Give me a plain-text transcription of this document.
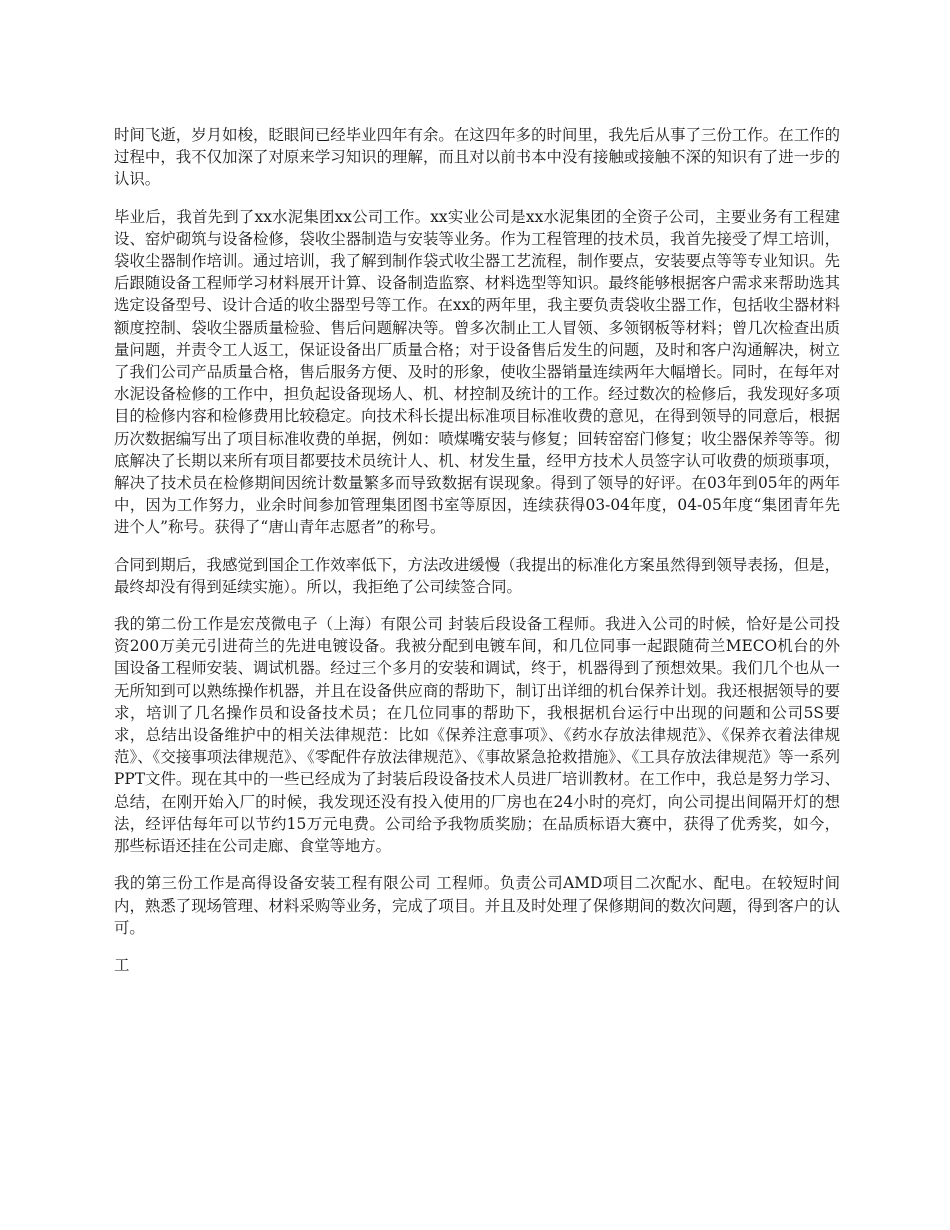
时间飞逝，岁月如梭，眨眼间已经毕业四年有余。在这四年多的时间里，我先后从事了三份工作。在工作的过程中，我不仅加深了对原来学习知识的理解，而且对以前书本中没有接触或接触不深的知识有了进一步的认识。

毕业后，我首先到了xx水泥集团xx公司工作。xx实业公司是xx水泥集团的全资子公司，主要业务有工程建设、窑炉砌筑与设备检修，袋收尘器制造与安装等业务。作为工程管理的技术员，我首先接受了焊工培训，袋收尘器制作培训。通过培训，我了解到制作袋式收尘器工艺流程，制作要点，安装要点等等专业知识。先后跟随设备工程师学习材料展开计算、设备制造监察、材料选型等知识。最终能够根据客户需求来帮助选其选定设备型号、设计合适的收尘器型号等工作。在xx的两年里，我主要负责袋收尘器工作，包括收尘器材料额度控制、袋收尘器质量检验、售后问题解决等。曾多次制止工人冒领、多领钢板等材料；曾几次检查出质量问题，并责令工人返工，保证设备出厂质量合格；对于设备售后发生的问题，及时和客户沟通解决，树立了我们公司产品质量合格，售后服务方便、及时的形象，使收尘器销量连续两年大幅增长。同时，在每年对水泥设备检修的工作中，担负起设备现场人、机、材控制及统计的工作。经过数次的检修后，我发现好多项目的检修内容和检修费用比较稳定。向技术科长提出标准项目标准收费的意见，在得到领导的同意后，根据历次数据编写出了项目标准收费的单据，例如：喷煤嘴安装与修复；回转窑窑门修复；收尘器保养等等。彻底解决了长期以来所有项目都要技术员统计人、机、材发生量，经甲方技术人员签字认可收费的烦琐事项，解决了技术员在检修期间因统计数量繁多而导致数据有误现象。得到了领导的好评。在03年到05年的两年中，因为工作努力，业余时间参加管理集团图书室等原因，连续获得03-04年度，04-05年度“集团青年先进个人”称号。获得了“唐山青年志愿者”的称号。

合同到期后，我感觉到国企工作效率低下，方法改进缓慢（我提出的标准化方案虽然得到领导表扬，但是，最终却没有得到延续实施）。所以，我拒绝了公司续签合同。

我的第二份工作是宏茂微电子（上海）有限公司 封装后段设备工程师。我进入公司的时候，恰好是公司投资200万美元引进荷兰的先进电镀设备。我被分配到电镀车间，和几位同事一起跟随荷兰MECO机台的外国设备工程师安装、调试机器。经过三个多月的安装和调试，终于，机器得到了预想效果。我们几个也从一无所知到可以熟练操作机器，并且在设备供应商的帮助下，制订出详细的机台保养计划。我还根据领导的要求，培训了几名操作员和设备技术员；在几位同事的帮助下，我根据机台运行中出现的问题和公司5S要求，总结出设备维护中的相关法律规范：比如《保养注意事项》、《药水存放法律规范》、《保养衣着法律规范》、《交接事项法律规范》、《零配件存放法律规范》、《事故紧急抢救措施》、《工具存放法律规范》等一系列PPT文件。现在其中的一些已经成为了封装后段设备技术人员进厂培训教材。在工作中，我总是努力学习、总结，在刚开始入厂的时候，我发现还没有投入使用的厂房也在24小时的亮灯，向公司提出间隔开灯的想法，经评估每年可以节约15万元电费。公司给予我物质奖励；在品质标语大赛中，获得了优秀奖，如今，那些标语还挂在公司走廊、食堂等地方。

我的第三份工作是高得设备安装工程有限公司 工程师。负责公司AMD项目二次配水、配电。在较短时间内，熟悉了现场管理、材料采购等业务，完成了项目。并且及时处理了保修期间的数次问题，得到客户的认可。

工
